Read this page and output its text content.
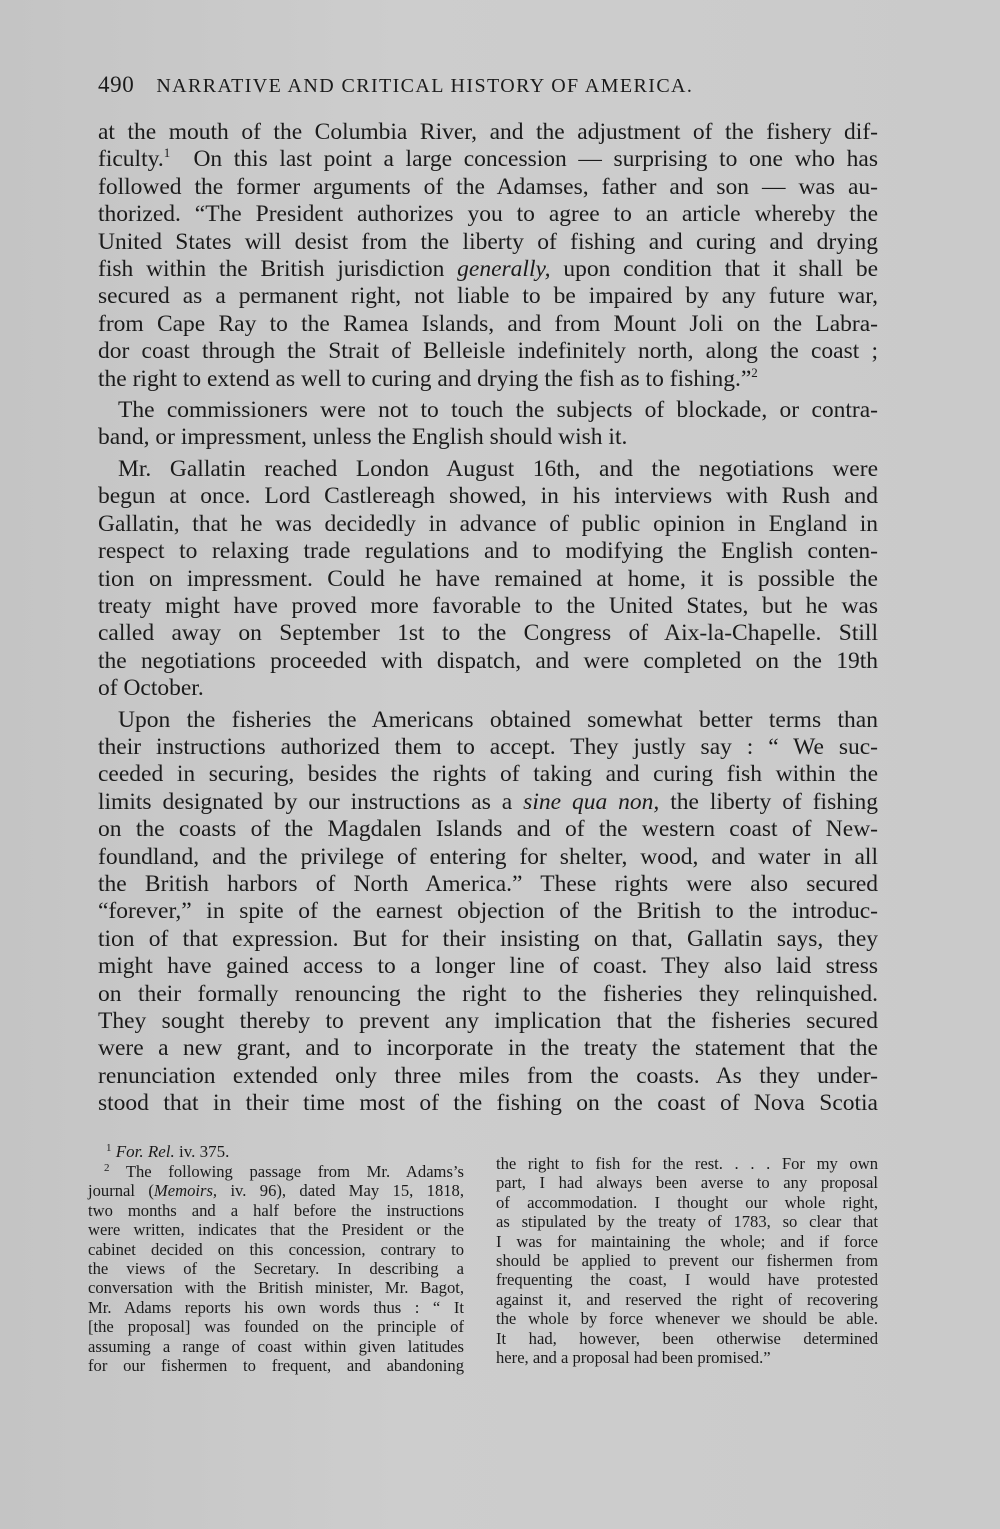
490 NARRATIVE AND CRITICAL HISTORY OF AMERICA.
at the mouth of the Columbia River, and the adjustment of the fishery dif-
ficulty.$^1$ On this last point a large concession — surprising to one who has
followed the former arguments of the Adamses, father and son — was au-
thorized. “The President authorizes you to agree to an article whereby the
United States will desist from the liberty of fishing and curing and drying
fish within the British jurisdiction generally, upon condition that it shall be
secured as a permanent right, not liable to be impaired by any future war,
from Cape Ray to the Ramea Islands, and from Mount Joli on the Labra-
dor coast through the Strait of Belleisle indefinitely north, along the coast ;
the right to extend as well to curing and drying the fish as to fishing.”$^2$
The commissioners were not to touch the subjects of blockade, or contra-
band, or impressment, unless the English should wish it.
Mr. Gallatin reached London August 16th, and the negotiations were
begun at once. Lord Castlereagh showed, in his interviews with Rush and
Gallatin, that he was decidedly in advance of public opinion in England in
respect to relaxing trade regulations and to modifying the English conten-
tion on impressment. Could he have remained at home, it is possible the
treaty might have proved more favorable to the United States, but he was
called away on September 1st to the Congress of Aix-la-Chapelle. Still
the negotiations proceeded with dispatch, and were completed on the 19th
of October.
Upon the fisheries the Americans obtained somewhat better terms than
their instructions authorized them to accept. They justly say : “ We suc-
ceeded in securing, besides the rights of taking and curing fish within the
limits designated by our instructions as a sine qua non, the liberty of fishing
on the coasts of the Magdalen Islands and of the western coast of New-
foundland, and the privilege of entering for shelter, wood, and water in all
the British harbors of North America.” These rights were also secured
“forever,” in spite of the earnest objection of the British to the introduc-
tion of that expression. But for their insisting on that, Gallatin says, they
might have gained access to a longer line of coast. They also laid stress
on their formally renouncing the right to the fisheries they relinquished.
They sought thereby to prevent any implication that the fisheries secured
were a new grant, and to incorporate in the treaty the statement that the
renunciation extended only three miles from the coasts. As they under-
stood that in their time most of the fishing on the coast of Nova Scotia
$^1$ For. Rel. iv. 375.
$^2$ The following passage from Mr. Adams’s
journal (Memoirs, iv. 96), dated May 15, 1818,
two months and a half before the instructions
were written, indicates that the President or the
cabinet decided on this concession, contrary to
the views of the Secretary. In describing a
conversation with the British minister, Mr. Bagot,
Mr. Adams reports his own words thus : “ It
[the proposal] was founded on the principle of
assuming a range of coast within given latitudes
for our fishermen to frequent, and abandoning
the right to fish for the rest. . . . For my own
part, I had always been averse to any proposal
of accommodation. I thought our whole right,
as stipulated by the treaty of 1783, so clear that
I was for maintaining the whole; and if force
should be applied to prevent our fishermen from
frequenting the coast, I would have protested
against it, and reserved the right of recovering
the whole by force whenever we should be able.
It had, however, been otherwise determined
here, and a proposal had been promised.”
